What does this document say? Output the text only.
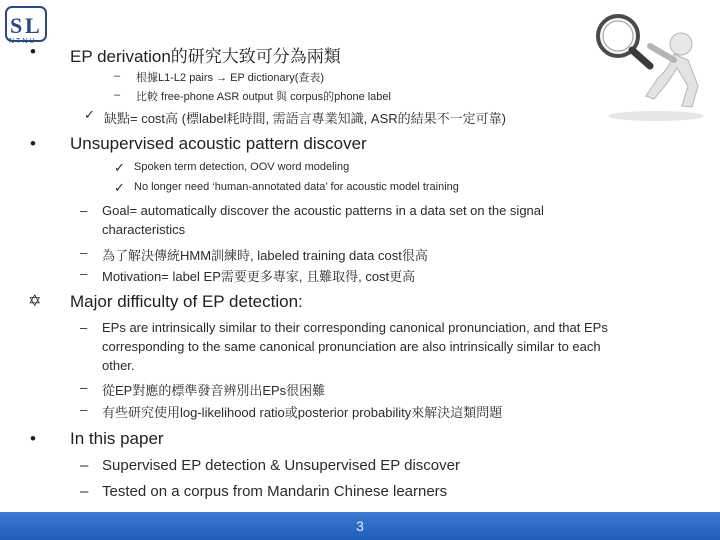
S L
NTNU
• EP derivation的研究大致可分為兩類
– 根據L1-L2 pairs → EP dictionary(查表)
– 比較 free-phone ASR output 與 corpus的phone label
✓ 缺點= cost高 (標label耗時間, 需語言專業知識, ASR的結果不一定可靠)
• Unsupervised acoustic pattern discover
✓ Spoken term detection, OOV word modeling
✓ No longer need ‘human-annotated data’ for acoustic model training
– Goal= automatically discover the acoustic patterns in a data set on the signal
characteristics
– 為了解決傳統HMM訓練時, labeled training data cost很高
– Motivation= label EP需要更多專家, 且難取得, cost更高
✡ Major difficulty of EP detection:
– EPs are intrinsically similar to their corresponding canonical pronunciation, and that EPs
corresponding to the same canonical pronunciation are also intrinsically similar to each
other.
– 從EP對應的標準發音辨別出EPs很困難
– 有些研究使用log-likelihood ratio或posterior probability來解決這類問題
• In this paper
– Supervised EP detection & Unsupervised EP discover
– Tested on a corpus from Mandarin Chinese learners
3
